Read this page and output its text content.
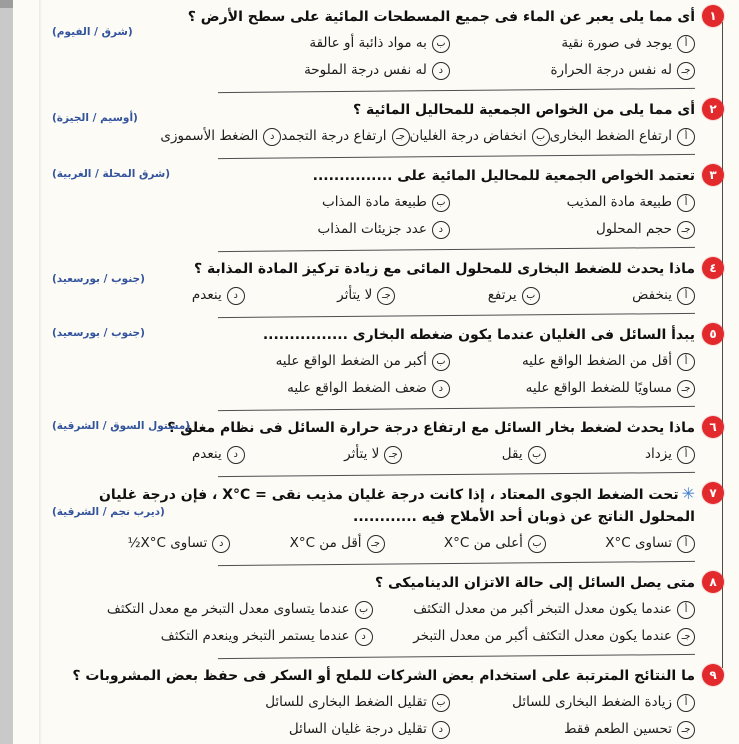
١
(شرق / الفيوم)
أى مما يلى يعبر عن الماء فى جميع المسطحات المائية على سطح الأرض ؟
أ
يوجد فى صورة نقية
ب
به مواد ذائبة أو عالقة
جـ
له نفس درجة الحرارة
د
له نفس درجة الملوحة
٢
(أوسيم / الجيزة)	أى مما يلى من الخواص الجمعية للمحاليل المائية ؟
أ
ارتفاع الضغط البخارى
ب
انخفاض درجة الغليان
جـ
ارتفاع درجة التجمد
د
الضغط الأسموزى
٣
(شرق المحلة / الغربية)	تعتمد الخواص الجمعية للمحاليل المائية على ...............
أ
طبيعة مادة المذيب
ب
طبيعة مادة المذاب
جـ
حجم المحلول
د
عدد جزيئات المذاب
٤
(جنوب / بورسعيد)
ماذا يحدث للضغط البخارى للمحلول المائى مع زيادة تركيز المادة المذابة ؟
أ
ينخفض
ب
يرتفع
جـ
لا يتأثر
د
ينعدم
٥
(جنوب / بورسعيد)	يبدأ السائل فى الغليان عندما يكون ضغطه البخارى ................
أ
أقل من الضغط الواقع عليه
ب
أكبر من الضغط الواقع عليه
جـ
مساويًا للضغط الواقع عليه
د
ضعف الضغط الواقع عليه
٦
(مشتول السوق / الشرقية)
ماذا يحدث لضغط بخار السائل مع ارتفاع درجة حرارة السائل فى نظام مغلق ؟
أ
يزداد
ب
يقل
جـ
لا يتأثر
د
ينعدم
٧
(ديرب نجم / الشرقية)
✳تحت الضغط الجوى المعتاد ، إذا كانت درجة غليان مذيب نقى = X°C ، فإن درجة غليان المحلول الناتج عن ذوبان أحد الأملاح فيه ............
أ
تساوى X°C
ب
أعلى من X°C
جـ
أقل من X°C
د
تساوى ‎½X°C
٨
متى يصل السائل إلى حالة الاتزان الديناميكى ؟
أ
عندما يكون معدل التبخر أكبر من معدل التكثف
ب
عندما يتساوى معدل التبخر مع معدل التكثف
جـ
عندما يكون معدل التكثف أكبر من معدل التبخر
د
عندما يستمر التبخر وينعدم التكثف
٩
ما النتائج المترتبة على استخدام بعض الشركات للملح أو السكر فى حفظ بعض المشروبات ؟
أ
زيادة الضغط البخارى للسائل
ب
تقليل الضغط البخارى للسائل
جـ
تحسين الطعم فقط
د
تقليل درجة غليان السائل
